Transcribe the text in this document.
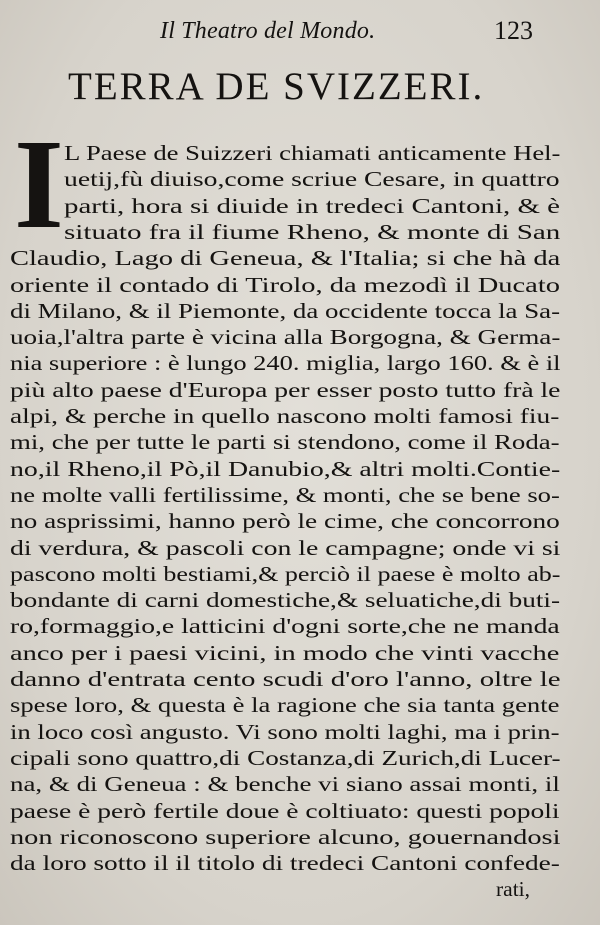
Il Theatro del Mondo.	123
TERRA DE SVIZZERI.
I L Paese de Suizzeri chiamati anticamente Hel-
uetij,fù diuiso,come scriue Cesare, in quattro
parti, hora si diuide in tredeci Cantoni, & è
situato fra il fiume Rheno, & monte di San
Claudio, Lago di Geneua, & l'Italia; si che hà da
oriente il contado di Tirolo, da mezodì il Ducato
di Milano, & il Piemonte, da occidente tocca la Sa-
uoia,l'altra parte è vicina alla Borgogna, & Germa-
nia superiore : è lungo 240. miglia, largo 160. & è il
più alto paese d'Europa per esser posto tutto frà le
alpi, & perche in quello nascono molti famosi fiu-
mi, che per tutte le parti si stendono, come il Roda-
no,il Rheno,il Pò,il Danubio,& altri molti.Contie-
ne molte valli fertilissime, & monti, che se bene so-
no asprissimi, hanno però le cime, che concorrono
di verdura, & pascoli con le campagne; onde vi si
pascono molti bestiami,& perciò il paese è molto ab-
bondante di carni domestiche,& seluatiche,di buti-
ro,formaggio,e latticini d'ogni sorte,che ne manda
anco per i paesi vicini, in modo che vinti vacche
danno d'entrata cento scudi d'oro l'anno, oltre le
spese loro, & questa è la ragione che sia tanta gente
in loco così angusto. Vi sono molti laghi, ma i prin-
cipali sono quattro,di Costanza,di Zurich,di Lucer-
na, & di Geneua : & benche vi siano assai monti, il
paese è però fertile doue è coltiuato: questi popoli
non riconoscono superiore alcuno, gouernandosi
da loro sotto il il titolo di tredeci Cantoni confede-
rati,
